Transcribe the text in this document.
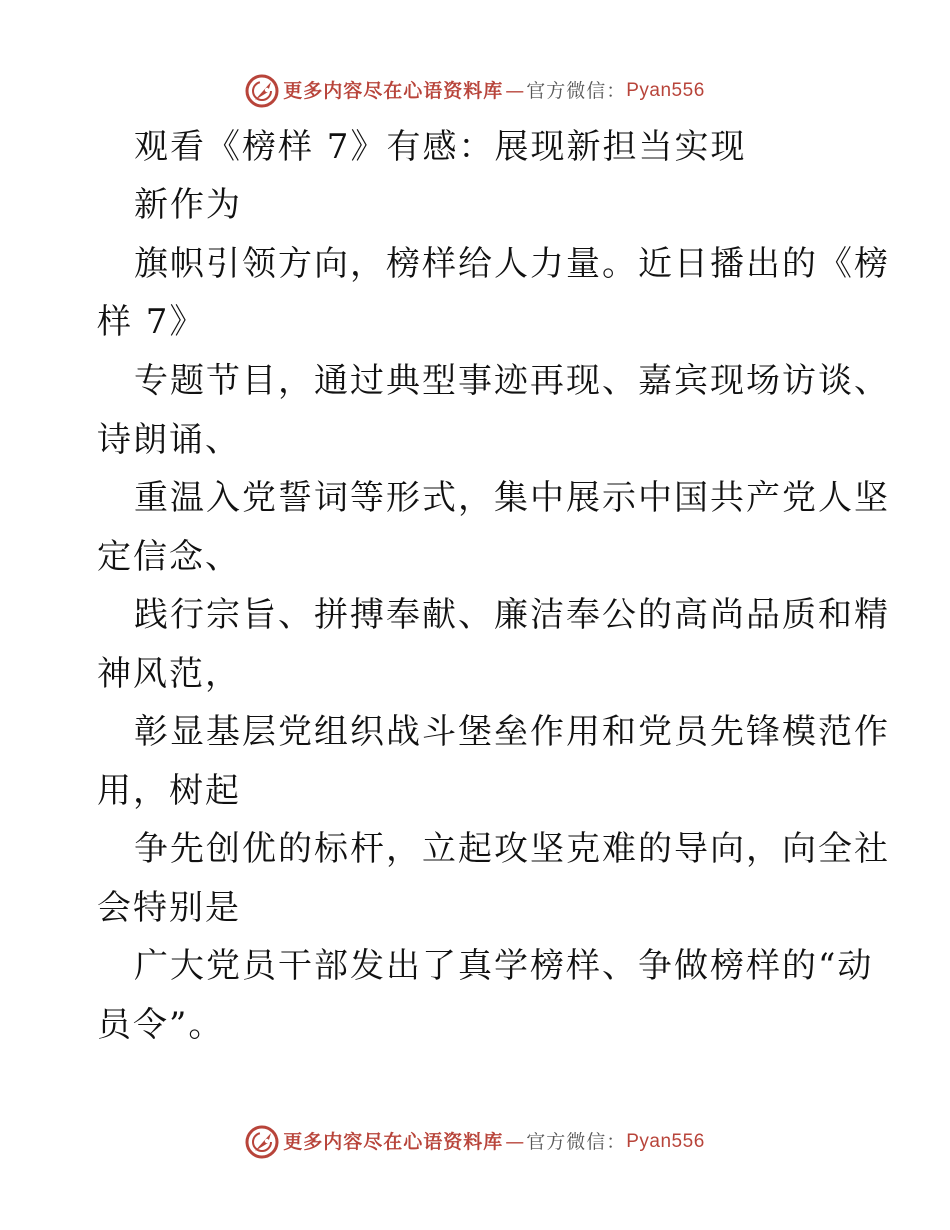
更多内容尽在心语资料库 — 官方微信： Pyan556
观看《榜样 7》有感：展现新担当实现
新作为
旗帜引领方向，榜样给人力量。近日播出的《榜
样 7》
专题节目，通过典型事迹再现、嘉宾现场访谈、
诗朗诵、
重温入党誓词等形式，集中展示中国共产党人坚
定信念、
践行宗旨、拼搏奉献、廉洁奉公的高尚品质和精
神风范，
彰显基层党组织战斗堡垒作用和党员先锋模范作
用，树起
争先创优的标杆，立起攻坚克难的导向，向全社
会特别是
广大党员干部发出了真学榜样、争做榜样的“动
员令”。
更多内容尽在心语资料库 — 官方微信： Pyan556
